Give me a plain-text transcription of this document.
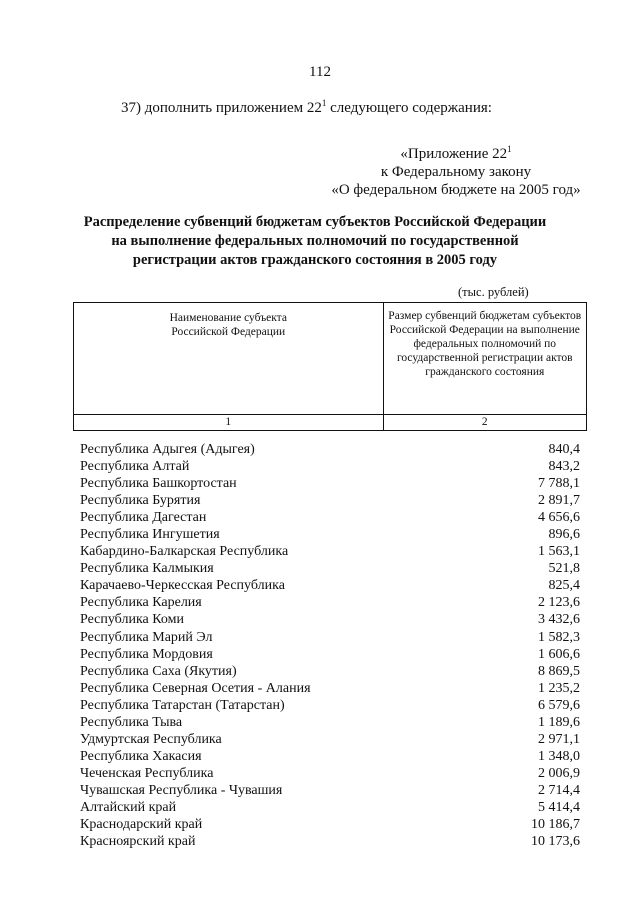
112
37) дополнить приложением $22^1$ следующего содержания:
«Приложение $22^1$
к Федеральному закону
«О федеральном бюджете на 2005 год»
Распределение субвенций бюджетам субъектов Российской Федерации
на выполнение федеральных полномочий по государственной
регистрации актов гражданского состояния в 2005 году
(тыс. рублей)
Наименование субъекта
Российской Федерации	Размер субвенций бюджетам субъектов Российской Федерации на выполнение федеральных полномочий по государственной регистрации актов гражданского состояния
1	2
Республика Адыгея (Адыгея)	840,4
Республика Алтай	843,2
Республика Башкортостан	7 788,1
Республика Бурятия	2 891,7
Республика Дагестан	4 656,6
Республика Ингушетия	896,6
Кабардино-Балкарская Республика	1 563,1
Республика Калмыкия	521,8
Карачаево-Черкесская Республика	825,4
Республика Карелия	2 123,6
Республика Коми	3 432,6
Республика Марий Эл	1 582,3
Республика Мордовия	1 606,6
Республика Саха (Якутия)	8 869,5
Республика Северная Осетия - Алания	1 235,2
Республика Татарстан (Татарстан)	6 579,6
Республика Тыва	1 189,6
Удмуртская Республика	2 971,1
Республика Хакасия	1 348,0
Чеченская Республика	2 006,9
Чувашская Республика - Чувашия	2 714,4
Алтайский край	5 414,4
Краснодарский край	10 186,7
Красноярский край	10 173,6
